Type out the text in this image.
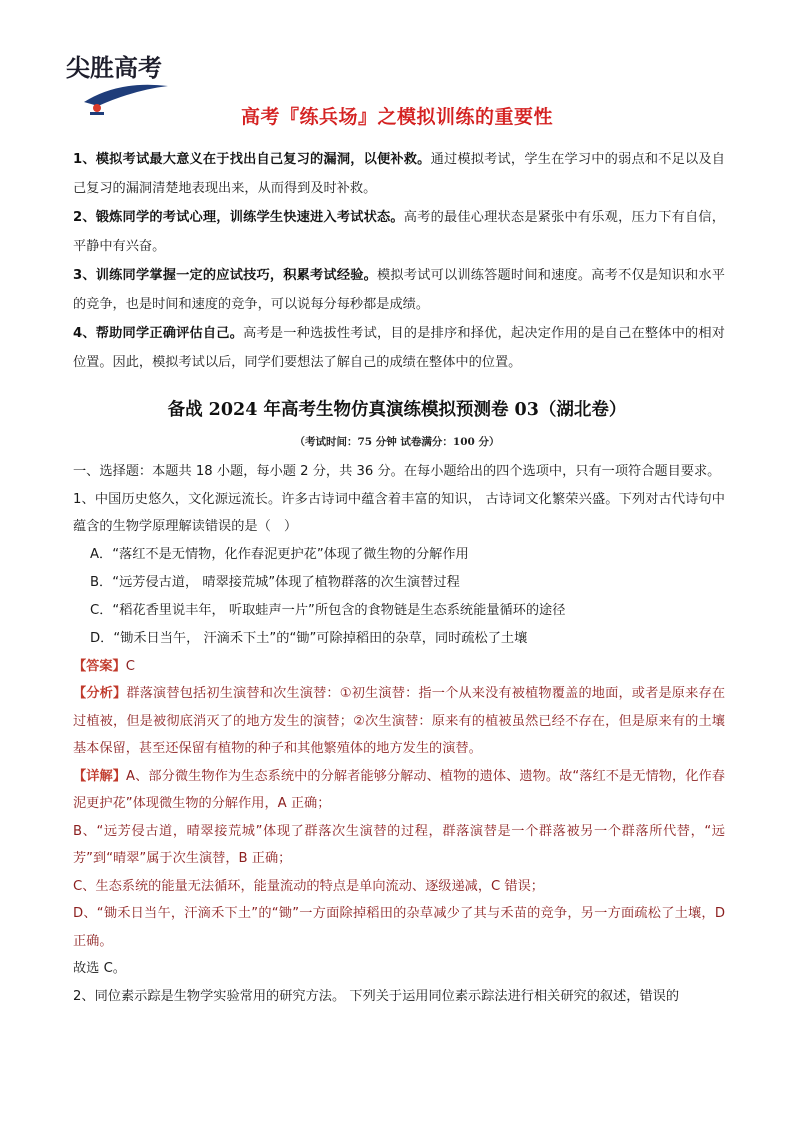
尖胜高考
高考『练兵场』之模拟训练的重要性

1、模拟考试最大意义在于找出自己复习的漏洞，以便补救。通过模拟考试，学生在学习中的弱点和不足以及自己复习的漏洞清楚地表现出来，从而得到及时补救。

2、锻炼同学的考试心理，训练学生快速进入考试状态。高考的最佳心理状态是紧张中有乐观，压力下有自信，平静中有兴奋。

3、训练同学掌握一定的应试技巧，积累考试经验。模拟考试可以训练答题时间和速度。高考不仅是知识和水平的竞争，也是时间和速度的竞争，可以说每分每秒都是成绩。

4、帮助同学正确评估自己。高考是一种选拔性考试，目的是排序和择优，起决定作用的是自己在整体中的相对位置。因此，模拟考试以后，同学们要想法了解自己的成绩在整体中的位置。

备战 2024 年高考生物仿真演练模拟预测卷 03（湖北卷）
（考试时间：75 分钟 试卷满分：100 分）

一、选择题：本题共 18 小题，每小题 2 分，共 36 分。在每小题给出的四个选项中，只有一项符合题目要求。

1、中国历史悠久，文化源远流长。许多古诗词中蕴含着丰富的知识， 古诗词文化繁荣兴盛。下列对古代诗句中蕴含的生物学原理解读错误的是（　）

A．“落红不是无情物，化作春泥更护花”体现了微生物的分解作用

B．“远芳侵古道， 晴翠接荒城”体现了植物群落的次生演替过程

C．“稻花香里说丰年， 听取蛙声一片”所包含的食物链是生态系统能量循环的途径

D．“锄禾日当午， 汗滴禾下土”的“锄”可除掉稻田的杂草，同时疏松了土壤

【答案】C

【分析】群落演替包括初生演替和次生演替：①初生演替：指一个从来没有被植物覆盖的地面，或者是原来存在过植被，但是被彻底消灭了的地方发生的演替；②次生演替：原来有的植被虽然已经不存在，但是原来有的土壤基本保留，甚至还保留有植物的种子和其他繁殖体的地方发生的演替。

【详解】A、部分微生物作为生态系统中的分解者能够分解动、植物的遗体、遗物。故“落红不是无情物，化作春泥更护花”体现微生物的分解作用，A 正确；

B、“远芳侵古道，晴翠接荒城”体现了群落次生演替的过程，群落演替是一个群落被另一个群落所代替，“远芳”到“晴翠”属于次生演替，B 正确；

C、生态系统的能量无法循环，能量流动的特点是单向流动、逐级递减，C 错误；

D、“锄禾日当午，汗滴禾下土”的“锄”一方面除掉稻田的杂草减少了其与禾苗的竞争，另一方面疏松了土壤，D 正确。

故选 C。

2、同位素示踪是生物学实验常用的研究方法。 下列关于运用同位素示踪法进行相关研究的叙述，错误的
